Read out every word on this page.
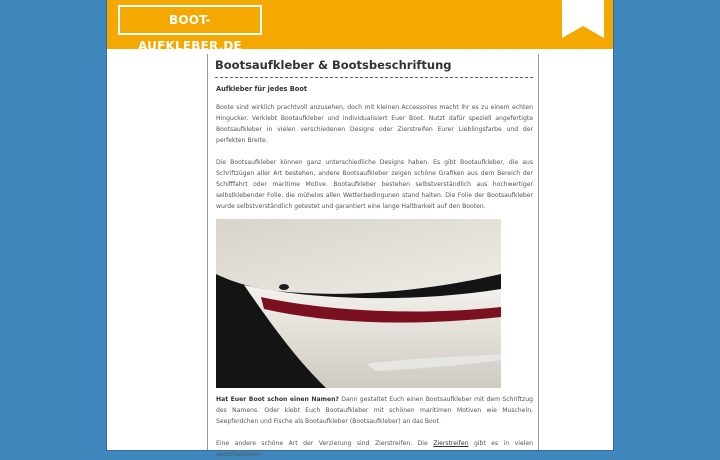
BOOT-AUFKLEBER.DE
Bootsaufkleber & Bootsbeschriftung
Aufkleber für jedes Boot
Boote sind wirklich prachtvoll anzusehen, doch mit kleinen Accessoires macht Ihr es zu einem echten Hingucker. Verklebt Bootaufkleber und individualisiert Euer Boot. Nutzt dafür speziell angefertigte Bootsaufkleber in vielen verschiedenen Designs oder Zierstreifen Eurer Lieblingsfarbe und der perfekten Breite.
Die Bootsaufkleber können ganz unterschiedliche Designs haben. Es gibt Bootaufkleber, die aus Schriftzügen aller Art bestehen, andere Bootsaufkleber zeigen schöne Grafiken aus dem Bereich der Schifffahrt oder maritime Motive. Bootaufkleber bestehen selbstverständlich aus hochwertiger selbstklebender Folie, die mühelos allen Wetterbedingunen stand halten. Die Folie der Bootsaufkleber wurde selbstverständlich getestet und garantiert eine lange Haltbarkeit auf den Booten.
Hat Euer Boot schon einen Namen? Dann gestaltet Euch einen Bootsaufkleber mit dem Schriftzug des Namens. Oder klebt Euch Bootaufkleber mit schönen maritimen Motiven wie Muscheln, Seepferdchen und Fische als Bootaufkleber (Bootsaufkleber) an das Boot.
Eine andere schöne Art der Verzierung sind Zierstreifen. Die Zierstreifen gibt es in vielen verschiedenen
